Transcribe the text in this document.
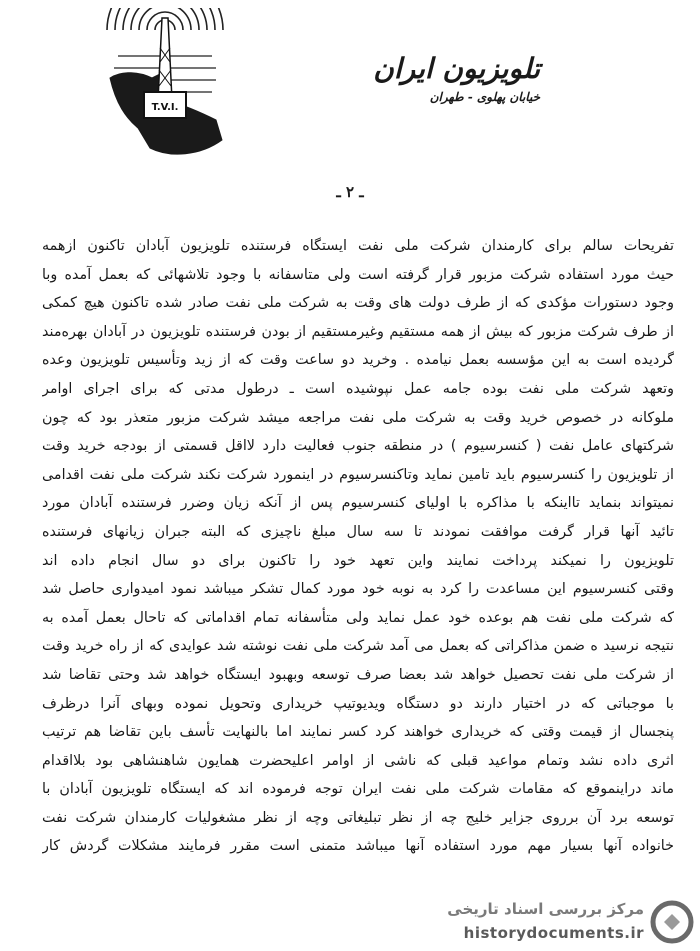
T.V.I.
تلویزیون ایران
خیابان پهلوی - طهران
ـ ۲ ـ
تفریحات سالم برای کارمندان شرکت ملی نفت ایستگاه فرستنده تلویزیون آبادان تاکنون ازهمه
حیث مورد استفاده شرکت مزبور قرار گرفته است ولی متاسفانه با وجود تلاشهائی که بعمل آمده وبا
وجود دستورات مؤکدی که از طرف دولت های وقت به شرکت ملی نفت صادر شده تاکنون هیچ کمکی
از طرف شرکت مزبور که بیش از همه مستقیم وغیرمستقیم از بودن فرستنده تلویزیون در آبادان بهره‌مند
گردیده است به این مؤسسه بعمل نیامده . وخرید دو ساعت وقت که از زید وتأسیس تلویزیون وعده
وتعهد شرکت ملی نفت بوده جامه عمل نپوشیده است ـ درطول مدتی که برای اجرای اوامر
ملوکانه در خصوص خرید وقت به شرکت ملی نفت مراجعه میشد شرکت مزبور متعذر بود که چون
شرکتهای عامل نفت ( کنسرسیوم ) در منطقه جنوب فعالیت دارد لااقل قسمتی از بودجه خرید وقت
از تلویزیون را کنسرسیوم باید تامین نماید وتاکنسرسیوم در اینمورد شرکت نکند شرکت ملی نفت اقدامی
نمیتواند بنماید تااینکه با مذاکره با اولیای کنسرسیوم پس از آنکه زیان وضرر فرستنده آبادان مورد
تائید آنها قرار گرفت موافقت نمودند تا سه سال مبلغ ناچیزی که البته جبران زیانهای فرستنده
تلویزیون را نمیکند پرداخت نمایند واین تعهد خود را تاکنون برای دو سال انجام داده اند
وقتی کنسرسیوم این مساعدت را کرد به نوبه خود مورد کمال تشکر میباشد نمود امیدواری حاصل شد
که شرکت ملی نفت هم بوعده خود عمل نماید ولی متأسفانه تمام اقداماتی که تاحال بعمل آمده به
نتیجه نرسید ه ضمن مذاکراتی که بعمل می آمد شرکت ملی نفت نوشته شد عوایدی که از راه خرید وقت
از شرکت ملی نفت تحصیل خواهد شد بعضا صرف توسعه وبهبود ایستگاه خواهد شد وحتی تقاضا شد
با موجباتی که در اختیار دارند دو دستگاه ویدیوتیپ خریداری وتحویل نموده وبهای آنرا درظرف
پنجسال از قیمت وقتی که خریداری خواهند کرد کسر نمایند اما بالنهایت تأسف باین تقاضا هم ترتیب
اثری داده نشد وتمام مواعید قبلی که ناشی از اوامر اعلیحضرت همایون شاهنشاهی بود بلااقدام
ماند دراینموقع که مقامات شرکت ملی نفت ایران توجه فرموده اند که ایستگاه تلویزیون آبادان با
توسعه برد آن برروی جزایر خلیج چه از نظر تبلیغاتی وچه از نظر مشغولیات کارمندان شرکت نفت
خانواده آنها بسیار مهم مورد استفاده آنها میباشد متمنی است مقرر فرمایند مشکلات گردش کار
مرکز بررسی اسناد تاریخی
historydocuments.ir
